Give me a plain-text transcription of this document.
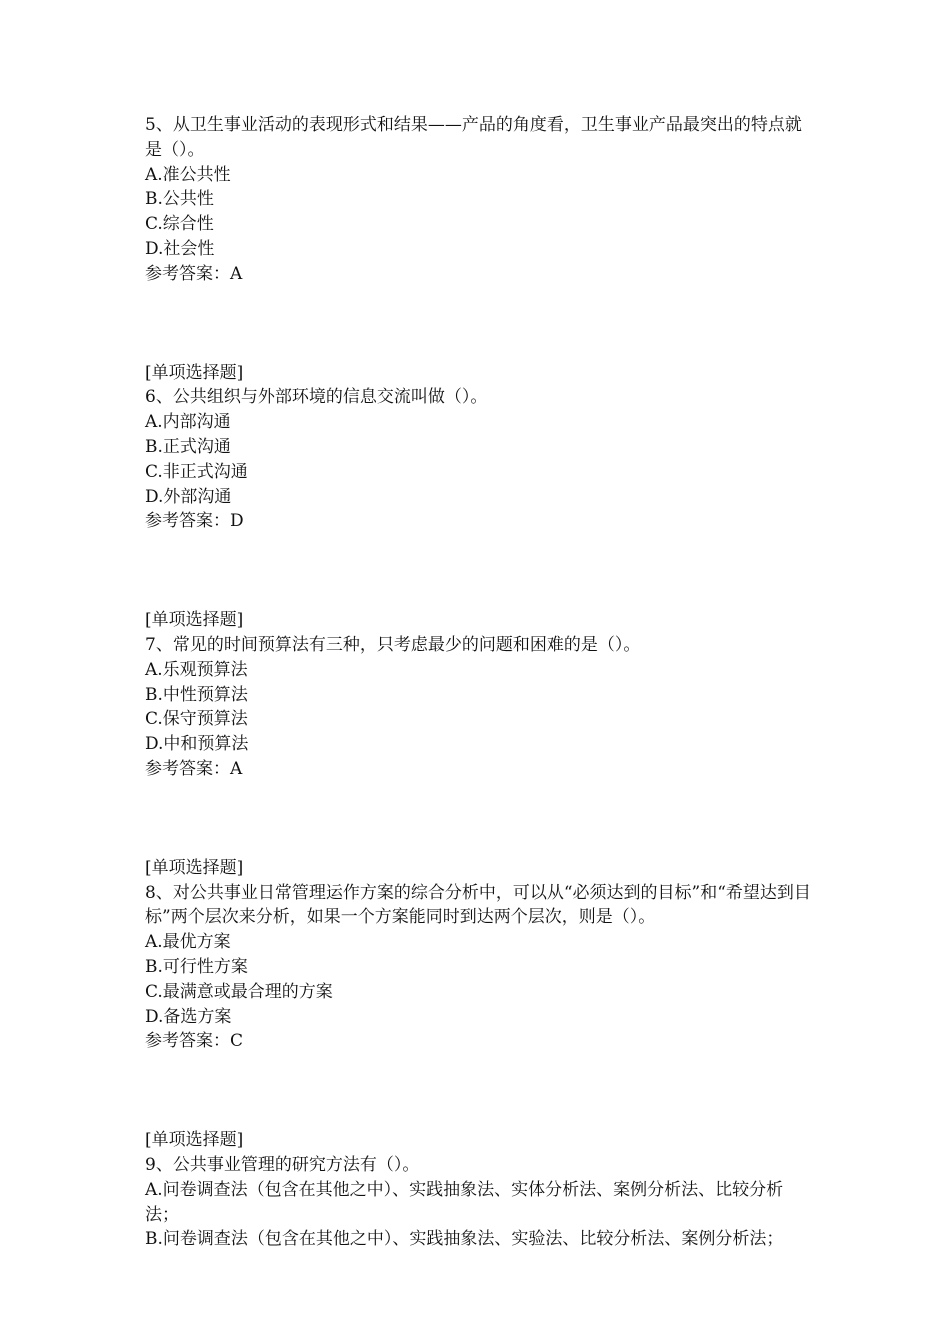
5、从卫生事业活动的表现形式和结果——产品的角度看，卫生事业产品最突出的特点就是（）。
A.准公共性
B.公共性
C.综合性
D.社会性
参考答案：A
[单项选择题]
6、公共组织与外部环境的信息交流叫做（）。
A.内部沟通
B.正式沟通
C.非正式沟通
D.外部沟通
参考答案：D
[单项选择题]
7、常见的时间预算法有三种，只考虑最少的问题和困难的是（）。
A.乐观预算法
B.中性预算法
C.保守预算法
D.中和预算法
参考答案：A
[单项选择题]
8、对公共事业日常管理运作方案的综合分析中，可以从“必须达到的目标”和“希望达到目标”两个层次来分析，如果一个方案能同时到达两个层次，则是（）。
A.最优方案
B.可行性方案
C.最满意或最合理的方案
D.备选方案
参考答案：C
[单项选择题]
9、公共事业管理的研究方法有（）。
A.问卷调查法（包含在其他之中）、实践抽象法、实体分析法、案例分析法、比较分析法；
B.问卷调查法（包含在其他之中）、实践抽象法、实验法、比较分析法、案例分析法；
